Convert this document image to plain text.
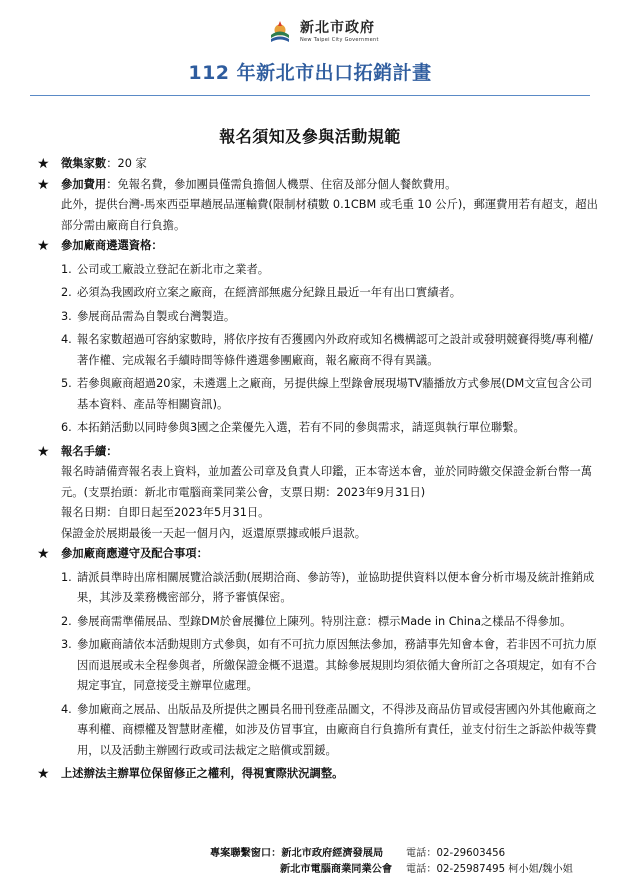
新北市政府
New Taipei City Government
112 年新北市出口拓銷計畫
報名須知及參與活動規範
★ 徵集家數：20 家
★ 參加費用：免報名費，參加團員僅需負擔個人機票、住宿及部分個人餐飲費用。

此外，提供台灣-馬來西亞單趟展品運輸費(限制材積數 0.1CBM 或毛重 10 公斤)，郵運費用若有超支，超出部分需由廠商自行負擔。

★ 參加廠商遴選資格：
1. 公司或工廠設立登記在新北市之業者。
2. 必須為我國政府立案之廠商，在經濟部無處分紀錄且最近一年有出口實績者。
3. 參展商品需為自製或台灣製造。
4. 報名家數超過可容納家數時，將依序按有否獲國內外政府或知名機構認可之設計或發明競賽得獎/專利權/著作權、完成報名手續時間等條件遴選參團廠商，報名廠商不得有異議。
5. 若參與廠商超過20家，未遴選上之廠商，另提供線上型錄會展現場TV牆播放方式參展(DM文宣包含公司基本資料、產品等相關資訊)。
6. 本拓銷活動以同時參與3國之企業優先入選，若有不同的參與需求，請逕與執行單位聯繫。
★ 報名手續：

報名時請備齊報名表上資料，並加蓋公司章及負責人印鑑，正本寄送本會，並於同時繳交保證金新台幣一萬元。(支票抬頭：新北市電腦商業同業公會，支票日期：2023年9月31日)

報名日期：自即日起至2023年5月31日。

保證金於展期最後一天起一個月內，返還原票據或帳戶退款。

★ 參加廠商應遵守及配合事項：
1. 請派員準時出席相關展覽洽談活動(展期洽商、參訪等)，並協助提供資料以便本會分析市場及統計推銷成果，其涉及業務機密部分，將予審慎保密。
2. 參展商需準備展品、型錄DM於會展攤位上陳列。特別注意：標示Made in China之樣品不得參加。
3. 參加廠商請依本活動規則方式參與，如有不可抗力原因無法參加，務請事先知會本會，若非因不可抗力原因而退展或未全程參與者，所繳保證金概不退還。其餘參展規則均須依循大會所訂之各項規定，如有不合規定事宜，同意接受主辦單位處理。
4. 參加廠商之展品、出版品及所提供之團員名冊刊登產品圖文，不得涉及商品仿冒或侵害國內外其他廠商之專利權、商標權及智慧財產權，如涉及仿冒事宜，由廠商自行負擔所有責任，並支付衍生之訴訟仲裁等費用，以及活動主辦國行政或司法裁定之賠償或罰鍰。
★ 上述辦法主辦單位保留修正之權利，得視實際狀況調整。
專案聯繫窗口：新北市政府經濟發展局	電話：02-29603456
新北市電腦商業同業公會	電話：02-25987495 柯小姐/魏小姐
